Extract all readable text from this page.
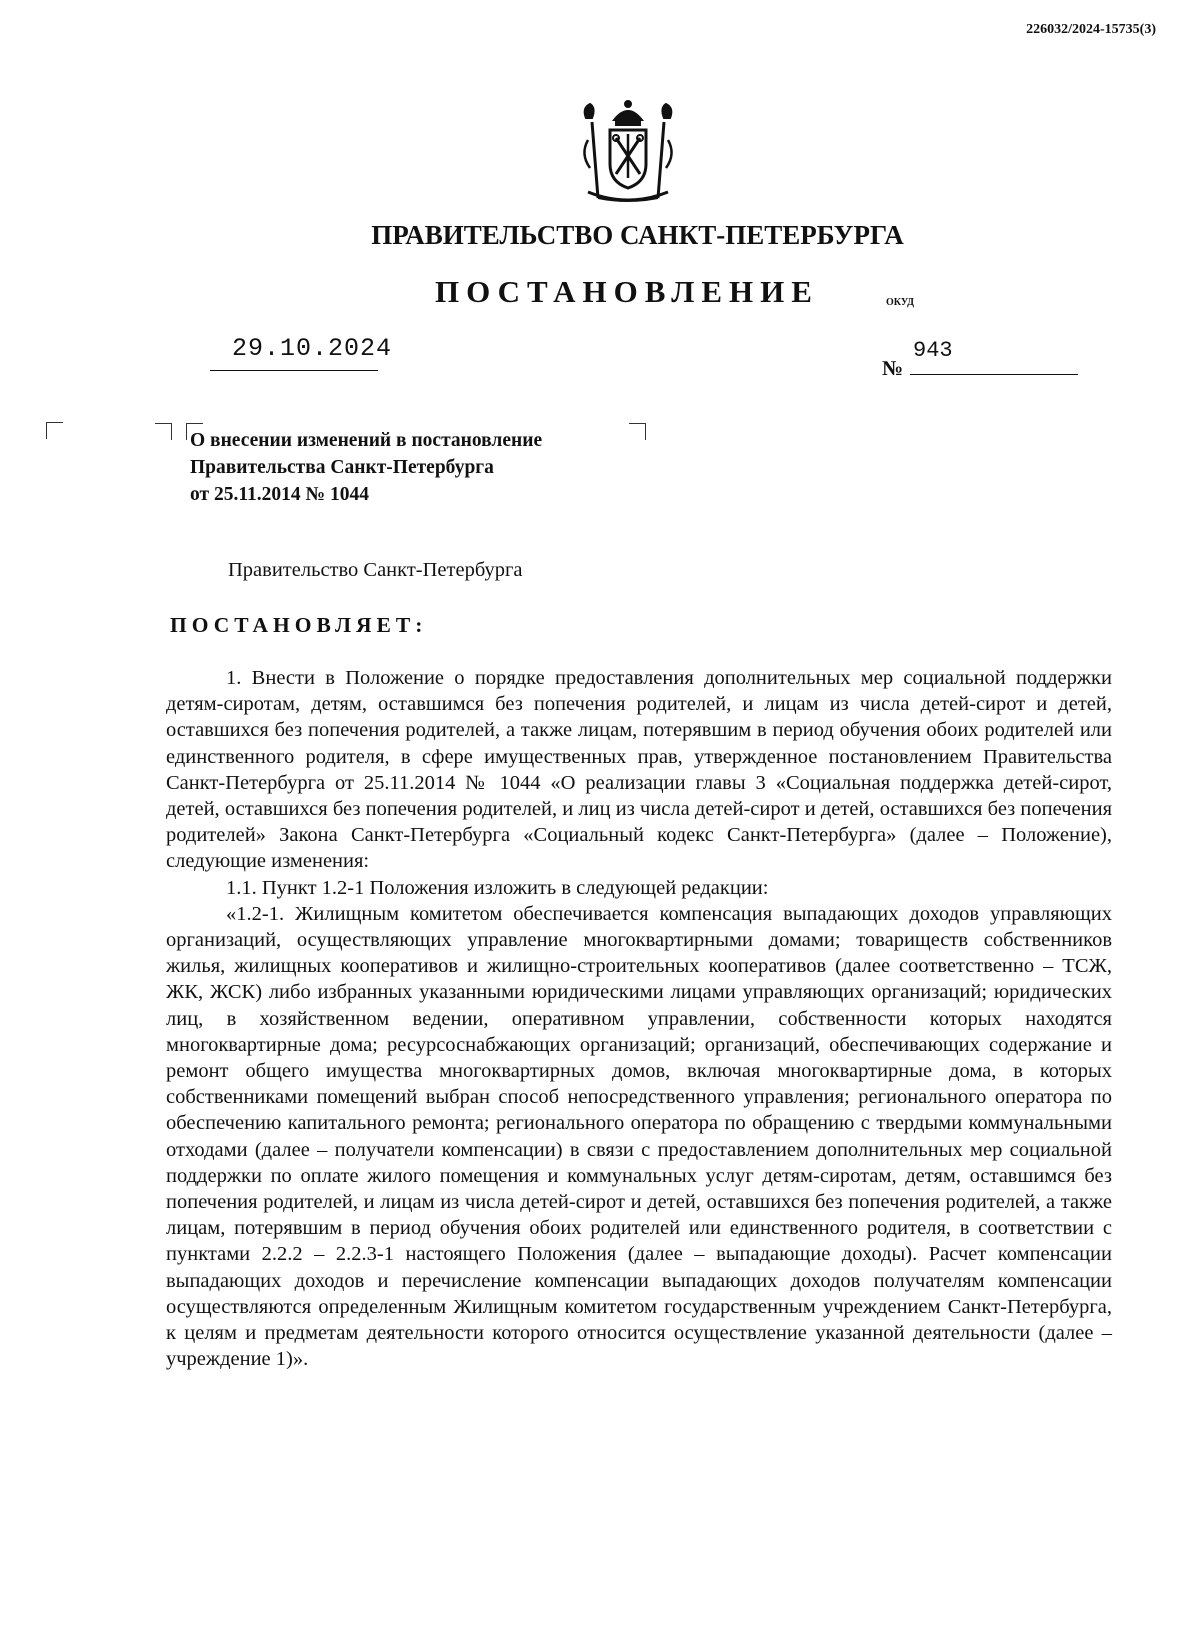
226032/2024-15735(3)
ПРАВИТЕЛЬСТВО САНКТ-ПЕТЕРБУРГА
ПОСТАНОВЛЕНИЕ	ОКУД
29.10.2024
№
943
О внесении изменений в постановление
Правительства Санкт-Петербурга
от 25.11.2014 № 1044
Правительство Санкт-Петербурга
ПОСТАНОВЛЯЕТ:

1. Внести в Положение о порядке предоставления дополнительных мер социальной поддержки детям-сиротам, детям, оставшимся без попечения родителей, и лицам из числа детей-сирот и детей, оставшихся без попечения родителей, а также лицам, потерявшим в период обучения обоих родителей или единственного родителя, в сфере имущественных прав, утвержденное постановлением Правительства Санкт-Петербурга от 25.11.2014 № 1044 «О реализации главы 3 «Социальная поддержка детей-сирот, детей, оставшихся без попечения родителей, и лиц из числа детей-сирот и детей, оставшихся без попечения родителей» Закона Санкт-Петербурга «Социальный кодекс Санкт-Петербурга» (далее – Положение), следующие изменения:

1.1. Пункт 1.2-1 Положения изложить в следующей редакции:

«1.2-1. Жилищным комитетом обеспечивается компенсация выпадающих доходов управляющих организаций, осуществляющих управление многоквартирными домами; товариществ собственников жилья, жилищных кооперативов и жилищно-строительных кооперативов (далее соответственно – ТСЖ, ЖК, ЖСК) либо избранных указанными юридическими лицами управляющих организаций; юридических лиц, в хозяйственном ведении, оперативном управлении, собственности которых находятся многоквартирные дома; ресурсоснабжающих организаций; организаций, обеспечивающих содержание и ремонт общего имущества многоквартирных домов, включая многоквартирные дома, в которых собственниками помещений выбран способ непосредственного управления; регионального оператора по обеспечению капитального ремонта; регионального оператора по обращению с твердыми коммунальными отходами (далее – получатели компенсации) в связи с предоставлением дополнительных мер социальной поддержки по оплате жилого помещения и коммунальных услуг детям-сиротам, детям, оставшимся без попечения родителей, и лицам из числа детей-сирот и детей, оставшихся без попечения родителей, а также лицам, потерявшим в период обучения обоих родителей или единственного родителя, в соответствии с пунктами 2.2.2 – 2.2.3-1 настоящего Положения (далее – выпадающие доходы). Расчет компенсации выпадающих доходов и перечисление компенсации выпадающих доходов получателям компенсации осуществляются определенным Жилищным комитетом государственным учреждением Санкт-Петербурга, к целям и предметам деятельности которого относится осуществление указанной деятельности (далее – учреждение 1)».
